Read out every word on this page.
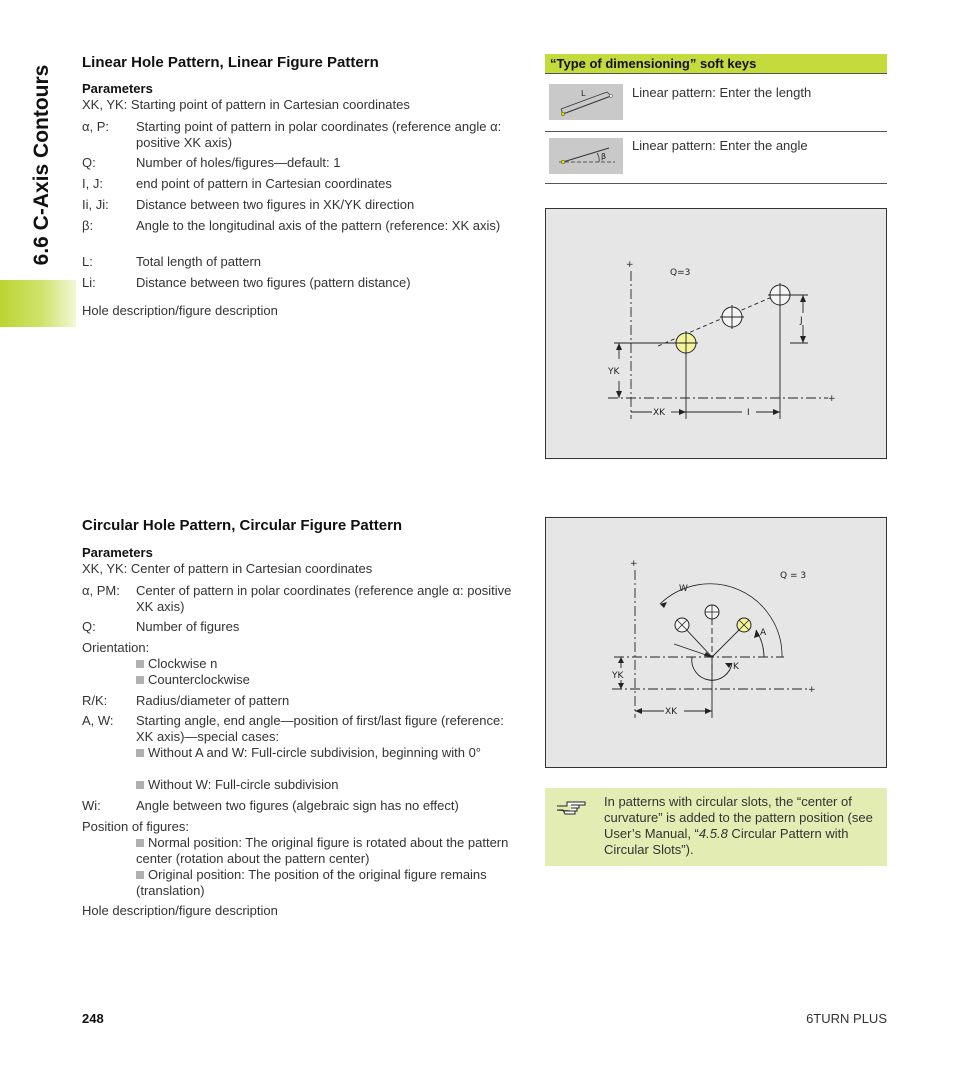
6.6 C-Axis Contours
Linear Hole Pattern, Linear Figure Pattern
Parameters
XK, YK: Starting point of pattern in Cartesian coordinates
α, P:	Starting point of pattern in polar coordinates (reference angle α: positive XK axis)
Q:	Number of holes/figures—default: 1
I, J:	end point of pattern in Cartesian coordinates
Ii, Ji:	Distance between two figures in XK/YK direction
β:	Angle to the longitudinal axis of the pattern (reference: XK axis)
L:	Total length of pattern
Li:	Distance between two figures (pattern distance)
Hole description/figure description
“Type of dimensioning” soft keys
L	Linear pattern: Enter the length
β
Linear pattern: Enter the angle
+
+
Q=3
J
YK
XK	I
Circular Hole Pattern, Circular Figure Pattern
Parameters
XK, YK: Center of pattern in Cartesian coordinates
α, PM:	Center of pattern in polar coordinates (reference angle α: positive XK axis)
Q:	Number of figures
Orientation:
Clockwise n
Counterclockwise
R/K:	Radius/diameter of pattern
A, W:	Starting angle, end angle—position of first/last figure (reference: XK axis)—special cases:
Without A and W: Full-circle subdivision, beginning with 0°
Without W: Full-circle subdivision
Wi:	Angle between two figures (algebraic sign has no effect)
Position of figures:
Normal position: The original figure is rotated about the pattern center (rotation about the pattern center)
Original position: The position of the original figure remains (translation)
Hole description/figure description
+
+
Q = 3
W
A
K
YK
XK
In patterns with circular slots, the “center of curvature” is added to the pattern position (see User’s Manual, “4.5.8 Circular Pattern with Circular Slots”).
248	6TURN PLUS
